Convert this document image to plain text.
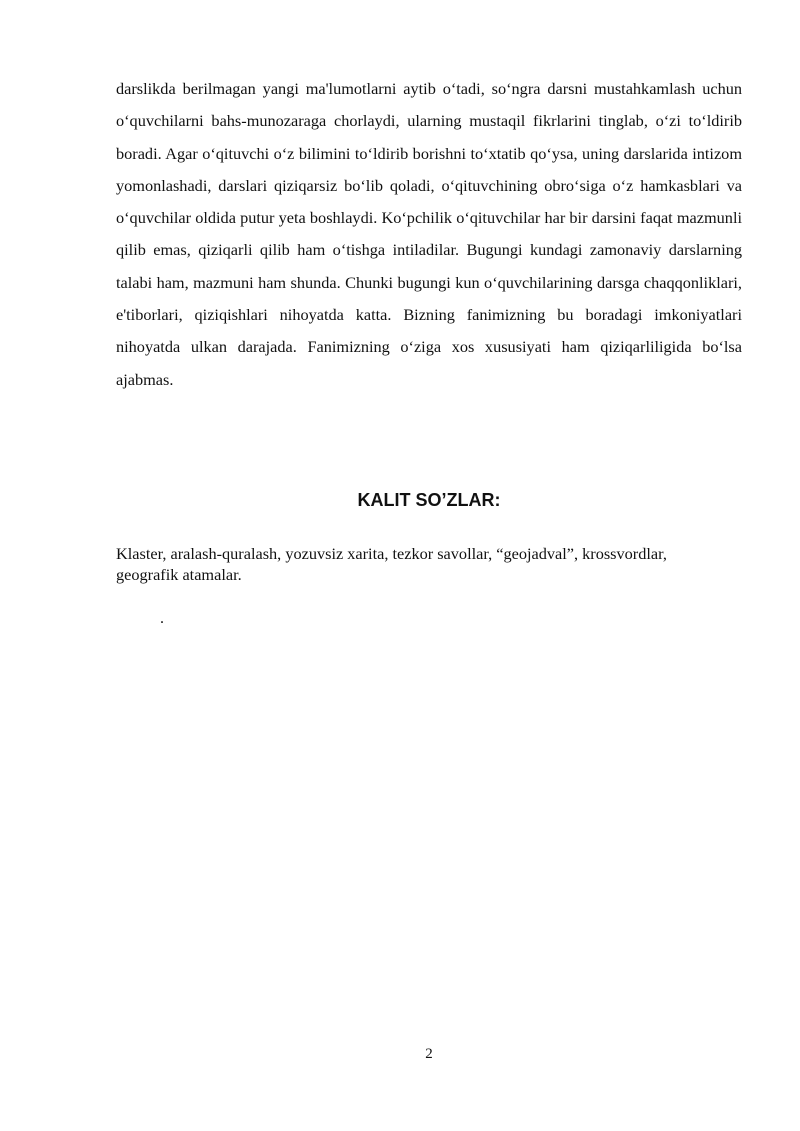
darslikda berilmagan yangi ma'lumotlarni aytib o‘tadi, so‘ngra darsni mustahkamlash uchun o‘quvchilarni bahs-munozaraga chorlaydi, ularning mustaqil fikrlarini tinglab, o‘zi to‘ldirib boradi. Agar o‘qituvchi o‘z bilimini to‘ldirib borishni to‘xtatib qo‘ysa, uning darslarida intizom yomonlashadi, darslari qiziqarsiz bo‘lib qoladi, o‘qituvchining obro‘siga o‘z hamkasblari va o‘quvchilar oldida putur yeta boshlaydi. Ko‘pchilik o‘qituvchilar har bir darsini faqat mazmunli qilib emas, qiziqarli qilib ham o‘tishga intiladilar. Bugungi kundagi zamonaviy darslarning talabi ham, mazmuni ham shunda. Chunki bugungi kun o‘quvchilarining darsga chaqqonliklari, e'tiborlari, qiziqishlari nihoyatda katta. Bizning fanimizning bu boradagi imkoniyatlari nihoyatda ulkan darajada. Fanimizning o‘ziga xos xususiyati ham qiziqarliligida bo‘lsa ajabmas.

KALIT SO’ZLAR:

Klaster, aralash-quralash, yozuvsiz xarita, tezkor savollar, “geojadval”, krossvordlar, geografik atamalar.

.

2
